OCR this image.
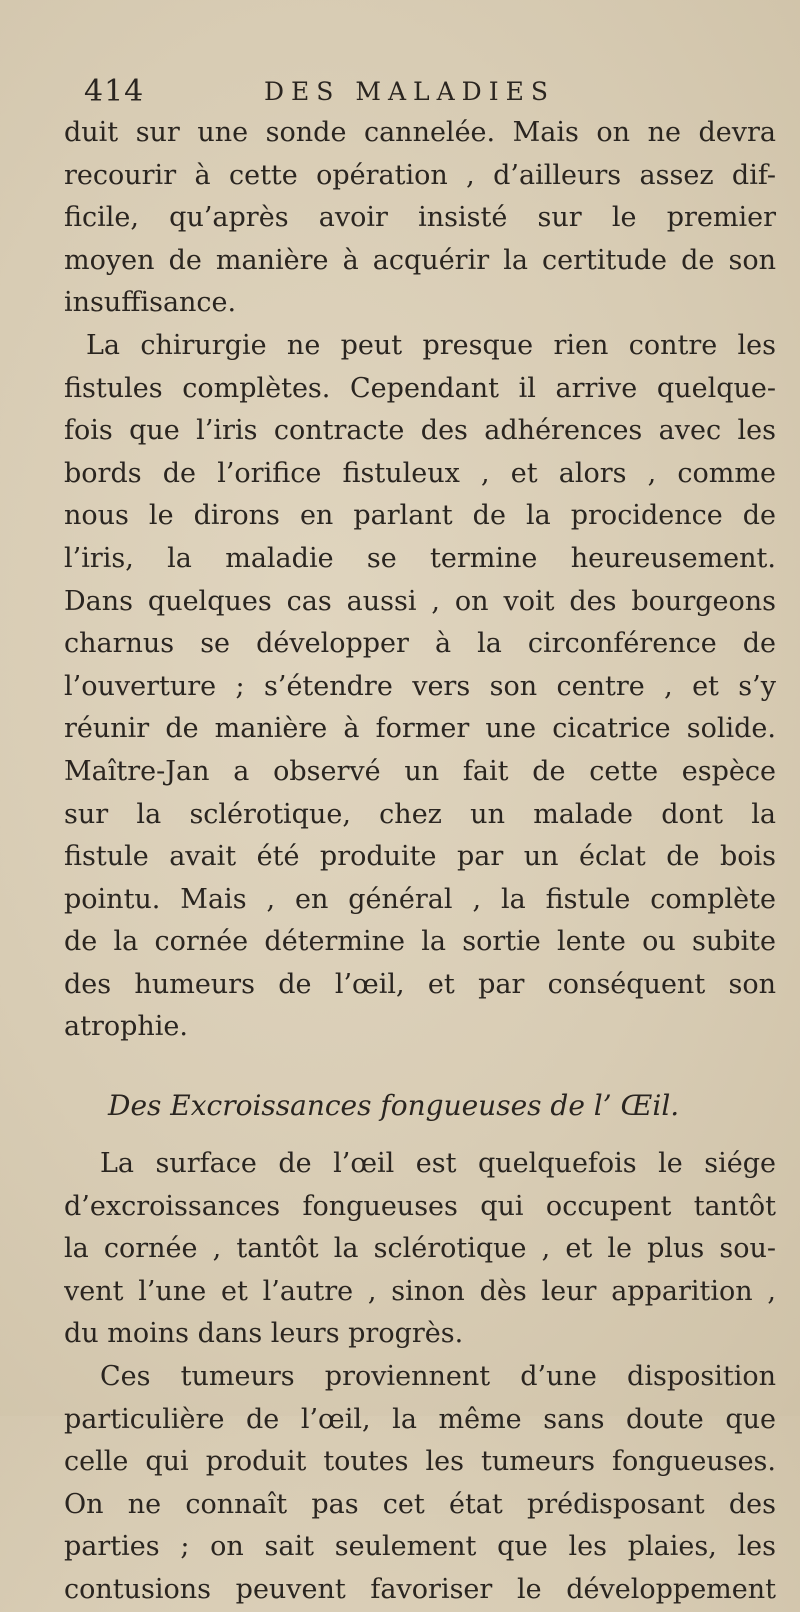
414	DES MALADIES
duit sur une sonde cannelée. Mais on ne devra
recourir à cette opération , d’ailleurs assez dif-
ficile, qu’après avoir insisté sur le premier
moyen de manière à acquérir la certitude de son
insuffisance.
La chirurgie ne peut presque rien contre les
fistules complètes. Cependant il arrive quelque-
fois que l’iris contracte des adhérences avec les
bords de l’orifice fistuleux , et alors , comme
nous le dirons en parlant de la procidence de
l’iris, la maladie se termine heureusement.
Dans quelques cas aussi , on voit des bourgeons
charnus se développer à la circonférence de
l’ouverture ; s’étendre vers son centre , et s’y
réunir de manière à former une cicatrice solide.
Maître-Jan a observé un fait de cette espèce
sur la sclérotique, chez un malade dont la
fistule avait été produite par un éclat de bois
pointu. Mais , en général , la fistule complète
de la cornée détermine la sortie lente ou subite
des humeurs de l’œil, et par conséquent son
atrophie.
Des Excroissances fongueuses de l’ Œil.
La surface de l’œil est quelquefois le siége
d’excroissances fongueuses qui occupent tantôt
la cornée , tantôt la sclérotique , et le plus sou-
vent l’une et l’autre , sinon dès leur apparition ,
du moins dans leurs progrès.
Ces tumeurs proviennent d’une disposition
particulière de l’œil, la même sans doute que
celle qui produit toutes les tumeurs fongueuses.
On ne connaît pas cet état prédisposant des
parties ; on sait seulement que les plaies, les
contusions peuvent favoriser le développement
